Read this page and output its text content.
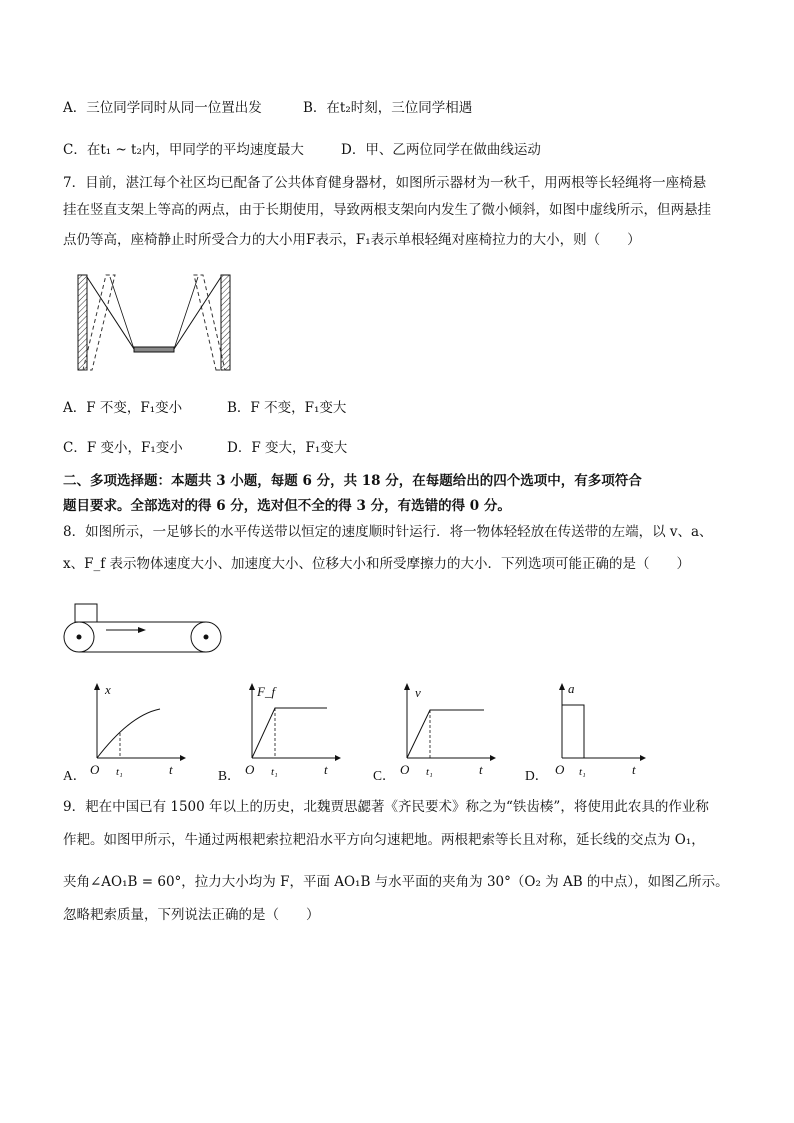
A．三位同学同时从同一位置出发	B．在t₂时刻，三位同学相遇
C．在t₁ ~ t₂内，甲同学的平均速度最大	D．甲、乙两位同学在做曲线运动
7．目前，湛江每个社区均已配备了公共体育健身器材，如图所示器材为一秋千，用两根等长轻绳将一座椅悬
挂在竖直支架上等高的两点，由于长期使用，导致两根支架向内发生了微小倾斜，如图中虚线所示，但两悬挂
点仍等高，座椅静止时所受合力的大小用F表示，F₁表示单根轻绳对座椅拉力的大小，则（　　）
A．F 不变，F₁变小	B．F 不变，F₁变大
C．F 变小，F₁变小	D．F 变大，F₁变大
二、多项选择题：本题共 3 小题，每题 6 分，共 18 分，在每题给出的四个选项中，有多项符合
题目要求。全部选对的得 6 分，选对但不全的得 3 分，有选错的得 0 分。
8．如图所示，一足够长的水平传送带以恒定的速度顺时针运行．将一物体轻轻放在传送带的左端，以 v、a、
x、F_f 表示物体速度大小、加速度大小、位移大小和所受摩擦力的大小．下列选项可能正确的是（　　）
A．
x
O t₁	t	B．
F_f
O t₁	t	C．
v
O t₁	t	D．
a
O t₁	t
9．耙在中国已有 1500 年以上的历史，北魏贾思勰著《齐民要术》称之为“铁齿楱”，将使用此农具的作业称
作耙。如图甲所示，牛通过两根耙索拉耙沿水平方向匀速耙地。两根耙索等长且对称，延长线的交点为 O₁，
夹角∠AO₁B = 60°，拉力大小均为 F，平面 AO₁B 与水平面的夹角为 30°（O₂ 为 AB 的中点），如图乙所示。
忽略耙索质量，下列说法正确的是（　　）
